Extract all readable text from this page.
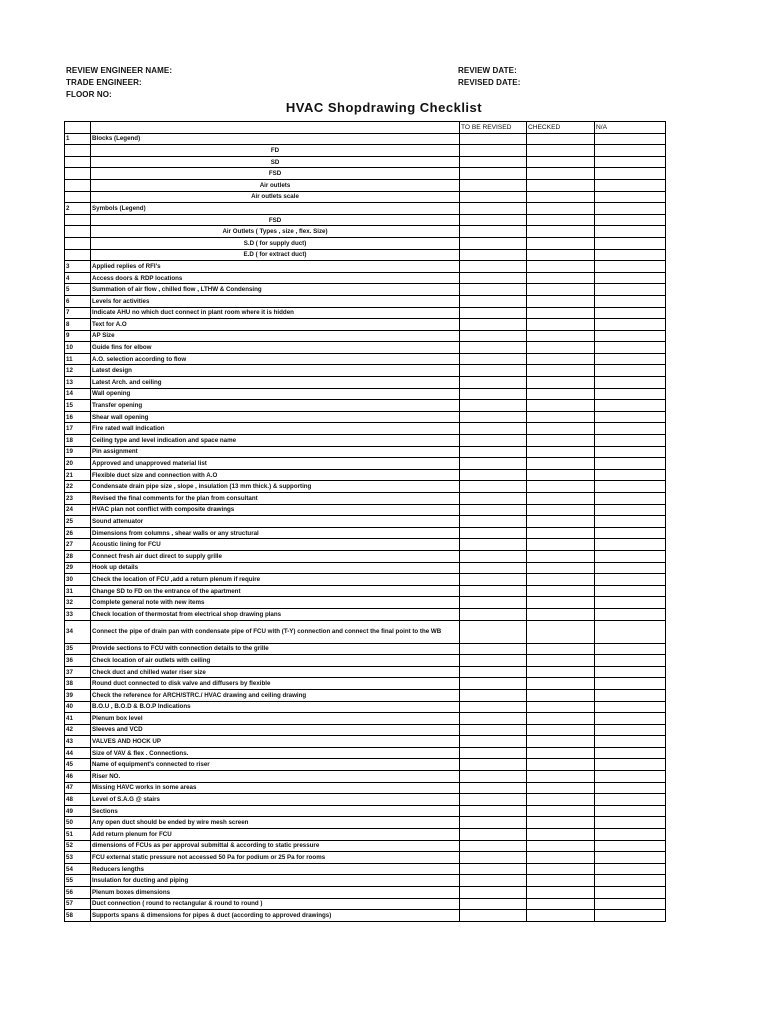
REVIEW ENGINEER NAME:
TRADE ENGINEER:
FLOOR NO:
REVIEW DATE:
REVISED DATE:
HVAC Shopdrawing Checklist
		TO BE REVISED	CHECKED	N/A
1	Blocks (Legend)			
	FD			
	SD			
	FSD			
	Air outlets			
	Air outlets scale			
2	Symbols (Legend)			
	FSD			
	Air Outlets ( Types , size , flex. Size)			
	S.D ( for supply duct)			
	E.D ( for extract duct)			
3	Applied replies of RFI's			
4	Access doors & RDP locations			
5	Summation of air flow , chilled flow , LTHW & Condensing			
6	Levels for activities			
7	Indicate AHU no which duct connect in plant room where it is hidden			
8	Text for A.O			
9	AP Size			
10	Guide fins for elbow			
11	A.O. selection according to flow			
12	Latest design			
13	Latest Arch. and ceiling			
14	Wall opening			
15	Transfer opening			
16	Shear wall opening			
17	Fire rated wall indication			
18	Ceiling type and level indication and space name			
19	Pin assignment			
20	Approved and unapproved material list			
21	Flexible duct size and connection with A.O			
22	Condensate drain pipe size , slope , insulation (13 mm thick.) & supporting			
23	Revised the final comments for the plan from consultant			
24	HVAC plan not conflict with composite drawings			
25	Sound attenuator			
26	Dimensions from columns , shear walls or any structural			
27	Acoustic lining for FCU			
28	Connect fresh air duct direct to supply grille			
29	Hook up details			
30	Check the location of FCU ,add a return plenum if require			
31	Change SD to FD on the entrance of the apartment			
32	Complete general note with new items			
33	Check location of thermostat from electrical shop drawing plans			
34	Connect the pipe of drain pan with condensate pipe of FCU with (T-Y) connection and connect the final point to the WB			
35	Provide sections to FCU with connection details to the grille			
36	Check location of air outlets with ceiling			
37	Check duct and chilled water riser size			
38	Round duct connected to disk valve and diffusers by flexible			
39	Check the reference for ARCH/STRC./ HVAC drawing and ceiling drawing			
40	B.O.U , B.O.D & B.O.P Indications			
41	Plenum box level			
42	Sleeves and VCD			
43	VALVES AND HOCK UP			
44	Size of VAV & flex . Connections.			
45	Name of equipment's connected to riser			
46	Riser NO.			
47	Missing HAVC works in some areas			
48	Level of S.A.G @ stairs			
49	Sections			
50	Any open duct should be ended by wire mesh screen			
51	Add return plenum for FCU			
52	dimensions of FCUs as per approval submittal & according to static pressure			
53	FCU external static pressure not accessed 50 Pa for podium or 25 Pa for rooms			
54	Reducers lengths			
55	Insulation for ducting and piping			
56	Plenum boxes dimensions			
57	Duct connection ( round to rectangular & round to round )			
58	Supports spans & dimensions for pipes & duct (according to approved drawings)			
